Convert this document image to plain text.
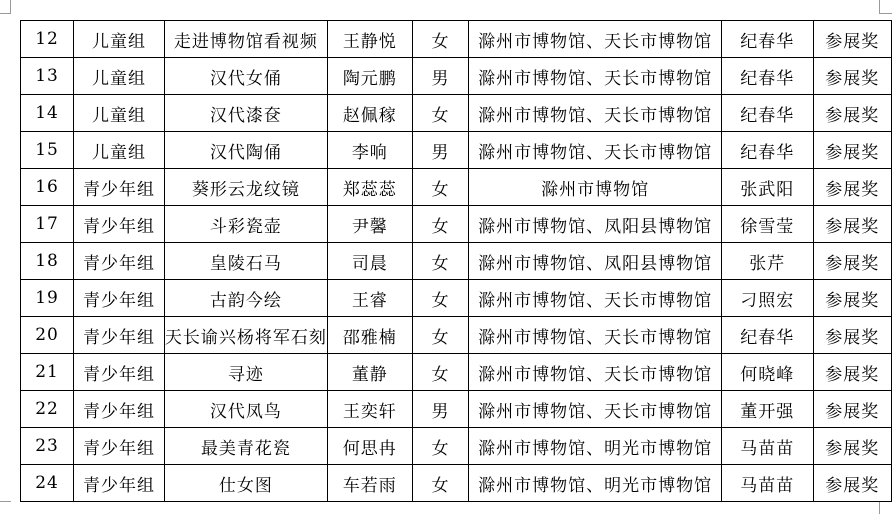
12	儿童组	走进博物馆看视频	王静悦	女	滁州市博物馆、天长市博物馆	纪春华	参展奖
13	儿童组	汉代女俑	陶元鹏	男	滁州市博物馆、天长市博物馆	纪春华	参展奖
14	儿童组	汉代漆奁	赵佩稼	女	滁州市博物馆、天长市博物馆	纪春华	参展奖
15	儿童组	汉代陶俑	李响	男	滁州市博物馆、天长市博物馆	纪春华	参展奖
16	青少年组	葵形云龙纹镜	郑蕊蕊	女	滁州市博物馆	张武阳	参展奖
17	青少年组	斗彩瓷壶	尹馨	女	滁州市博物馆、凤阳县博物馆	徐雪莹	参展奖
18	青少年组	皇陵石马	司晨	女	滁州市博物馆、凤阳县博物馆	张芹	参展奖
19	青少年组	古韵今绘	王睿	女	滁州市博物馆、天长市博物馆	刁照宏	参展奖
20	青少年组	天长谕兴杨将军石刻	邵雅楠	女	滁州市博物馆、天长市博物馆	纪春华	参展奖
21	青少年组	寻迹	董静	女	滁州市博物馆、天长市博物馆	何晓峰	参展奖
22	青少年组	汉代凤鸟	王奕轩	男	滁州市博物馆、天长市博物馆	董开强	参展奖
23	青少年组	最美青花瓷	何思冉	女	滁州市博物馆、明光市博物馆	马苗苗	参展奖
24	青少年组	仕女图	车若雨	女	滁州市博物馆、明光市博物馆	马苗苗	参展奖
